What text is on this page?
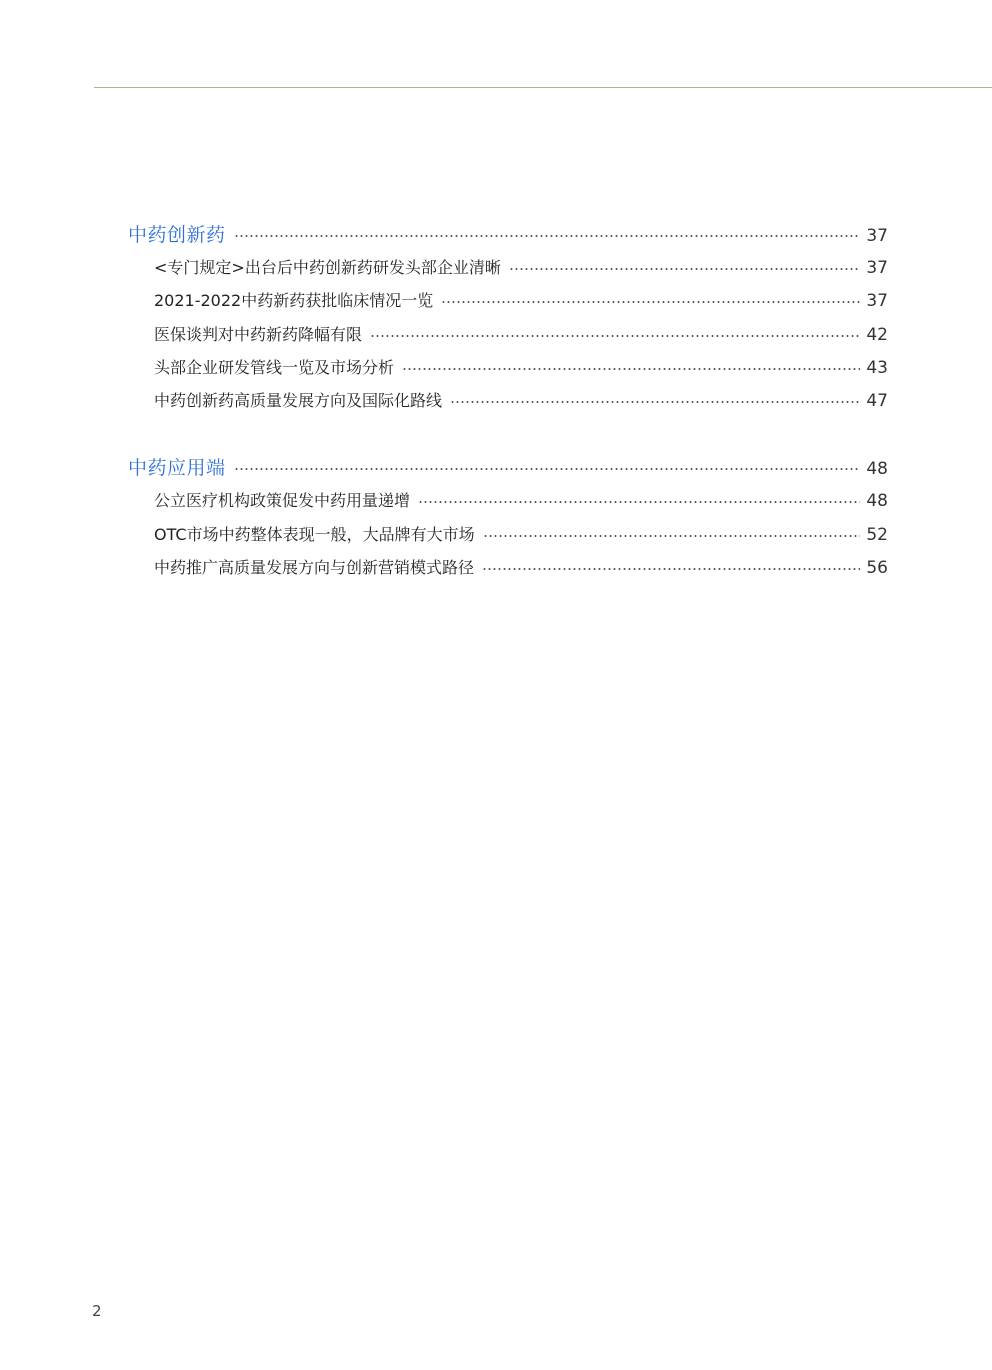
中药创新药	37
<专门规定>出台后中药创新药研发头部企业清晰	37
2021-2022中药新药获批临床情况一览	37
医保谈判对中药新药降幅有限	42
头部企业研发管线一览及市场分析	43
中药创新药高质量发展方向及国际化路线	47
中药应用端	48
公立医疗机构政策促发中药用量递增	48
OTC市场中药整体表现一般，大品牌有大市场	52
中药推广高质量发展方向与创新营销模式路径	56
2
